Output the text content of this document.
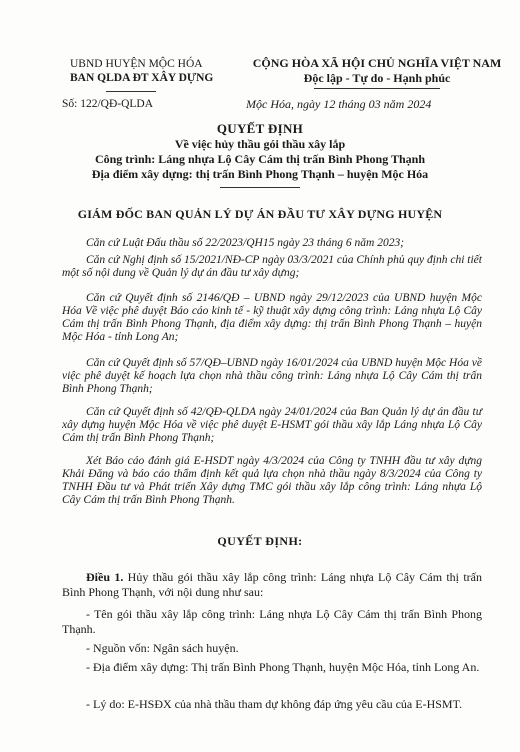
UBND HUYỆN MỘC HÓA
BAN QLDA ĐT XÂY DỰNG
CỘNG HÒA XÃ HỘI CHỦ NGHĨA VIỆT NAM
Độc lập - Tự do - Hạnh phúc
Số: 122/QĐ-QLDA	Mộc Hóa, ngày 12 tháng 03 năm 2024
QUYẾT ĐỊNH
Về việc hủy thầu gói thầu xây lắp
Công trình: Láng nhựa Lộ Cây Cám thị trấn Bình Phong Thạnh
Địa điểm xây dựng: thị trấn Bình Phong Thạnh – huyện Mộc Hóa
GIÁM ĐỐC BAN QUẢN LÝ DỰ ÁN ĐẦU TƯ XÂY DỰNG HUYỆN
Căn cứ Luật Đấu thầu số 22/2023/QH15 ngày 23 tháng 6 năm 2023;
Căn cứ Nghị định số 15/2021/NĐ-CP ngày 03/3/2021 của Chính phủ quy định chi tiết một số nội dung về Quản lý dự án đầu tư xây dựng;
Căn cứ Quyết định số 2146/QĐ – UBND ngày 29/12/2023 của UBND huyện Mộc Hóa Về việc phê duyệt Báo cáo kinh tế - kỹ thuật xây dựng công trình: Láng nhựa Lộ Cây Cám thị trấn Bình Phong Thạnh, địa điểm xây dựng: thị trấn Bình Phong Thạnh – huyện Mộc Hóa - tỉnh Long An;
Căn cứ Quyết định số 57/QĐ–UBND ngày 16/01/2024 của UBND huyện Mộc Hóa về việc phê duyệt kế hoạch lựa chọn nhà thầu công trình: Láng nhựa Lộ Cây Cám thị trấn Bình Phong Thạnh;
Căn cứ Quyết định số 42/QĐ-QLDA ngày 24/01/2024 của Ban Quản lý dự án đầu tư xây dựng huyện Mộc Hóa về việc phê duyệt E-HSMT gói thầu xây lắp Láng nhựa Lộ Cây Cám thị trấn Bình Phong Thạnh;
Xét Báo cáo đánh giá E-HSDT ngày 4/3/2024 của Công ty TNHH đầu tư xây dựng Khải Đăng và báo cáo thẩm định kết quả lựa chọn nhà thầu ngày 8/3/2024 của Công ty TNHH Đầu tư và Phát triển Xây dựng TMC gói thầu xây lắp công trình: Láng nhựa Lộ Cây Cám thị trấn Bình Phong Thạnh.
QUYẾT ĐỊNH:
Điều 1. Hủy thầu gói thầu xây lắp công trình: Láng nhựa Lộ Cây Cám thị trấn Bình Phong Thạnh, với nội dung như sau:
- Tên gói thầu xây lắp công trình: Láng nhựa Lộ Cây Cám thị trấn Bình Phong Thạnh.
- Nguồn vốn: Ngân sách huyện.
- Địa điểm xây dựng: Thị trấn Bình Phong Thạnh, huyện Mộc Hóa, tỉnh Long An.
- Lý do: E-HSĐX của nhà thầu tham dự không đáp ứng yêu cầu của E-HSMT.
